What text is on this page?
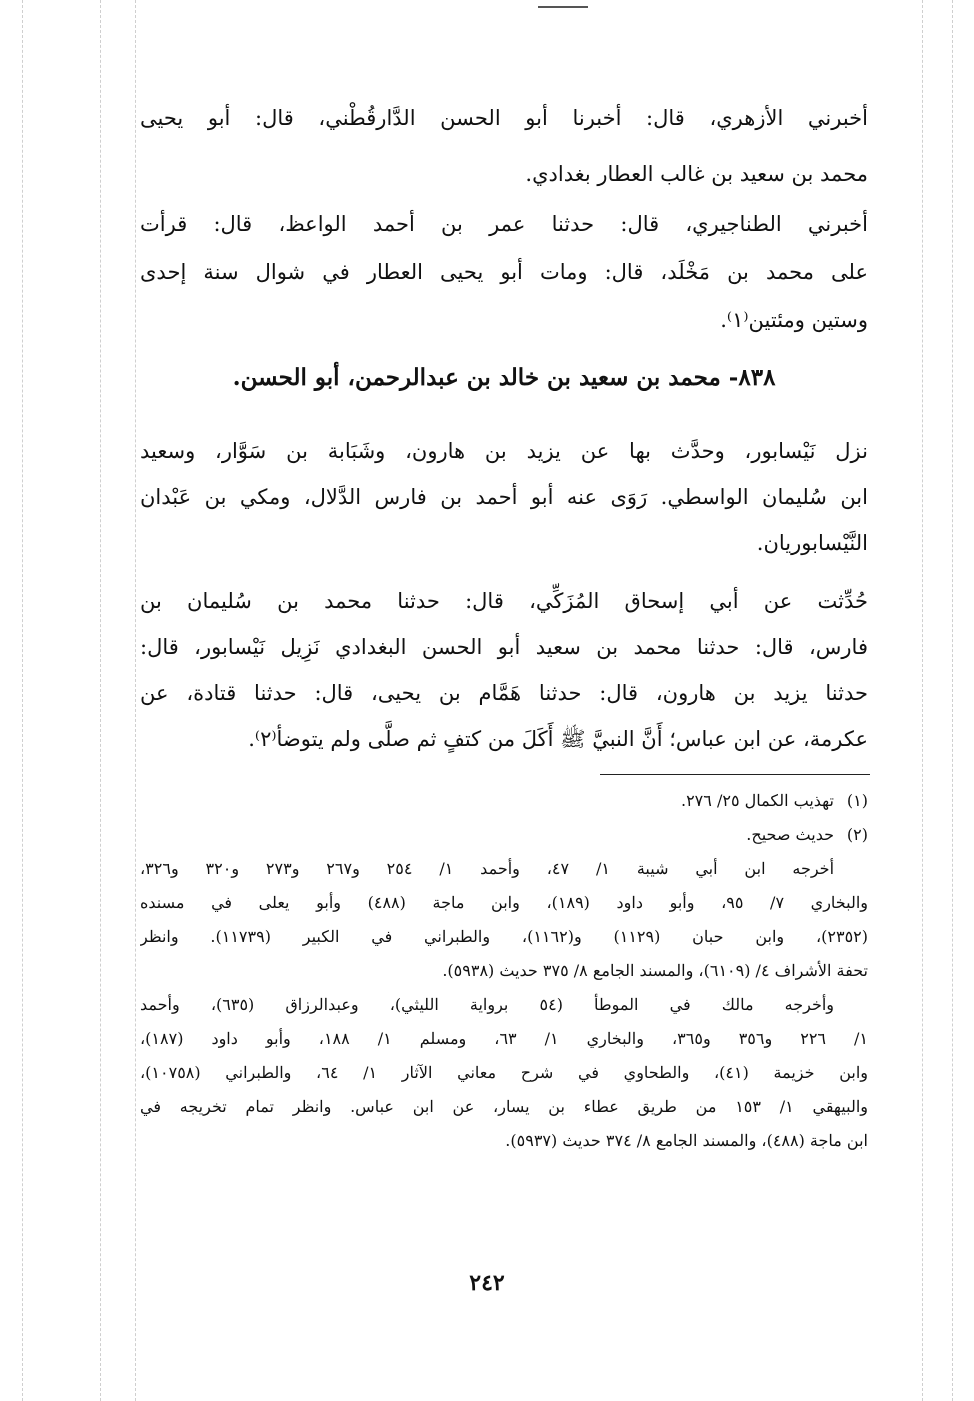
أخبرني الأزهري، قال: أخبرنا أبو الحسن الدَّارقُطْني، قال: أبو يحيى
محمد بن سعيد بن غالب العطار بغدادي.

أخبرني الطناجيري، قال: حدثنا عمر بن أحمد الواعظ، قال: قرأت
على محمد بن مَخْلَد، قال: ومات أبو يحيى العطار في شوال سنة إحدى
وستين ومئتين⁽١⁾.

٨٣٨- محمد بن سعيد بن خالد بن عبدالرحمن، أبو الحسن.

نزل نَيْسابور، وحدَّث بها عن يزيد بن هارون، وشَبَابة بن سَوَّار، وسعيد
ابن سُليمان الواسطي. رَوَى عنه أبو أحمد بن فارس الدَّلال، ومكي بن عَبْدان
النَّيْسابوريان.

حُدِّثت عن أبي إسحاق المُزَكِّي، قال: حدثنا محمد بن سُليمان بن
فارس، قال: حدثنا محمد بن سعيد أبو الحسن البغدادي نَزِيل نَيْسابور، قال:
حدثنا يزيد بن هارون، قال: حدثنا هَمَّام بن يحيى، قال: حدثنا قتادة، عن
عكرمة، عن ابن عباس؛ أَنَّ النبيَّ ﷺ أَكَلَ من كتفٍ ثم صلَّى ولم يتوضأ⁽٢⁾.

(١)تهذيب الكمال ٢٥/ ٢٧٦.
(٢)حديث صحيح.
أخرجه ابن أبي شيبة ١/ ٤٧، وأحمد ١/ ٢٥٤ و٢٦٧ و٢٧٣ و٣٢٠ و٣٢٦،
والبخاري ٧/ ٩٥، وأبو داود (١٨٩)، وابن ماجة (٤٨٨) وأبو يعلى في مسنده
(٢٣٥٢)، وابن حبان (١١٢٩) و(١١٦٢)، والطبراني في الكبير (١١٧٣٩). وانظر
تحفة الأشراف ٤/ (٦١٠٩)، والمسند الجامع ٨/ ٣٧٥ حديث (٥٩٣٨).
وأخرجه مالك في الموطأ (٥٤ برواية الليثي)، وعبدالرزاق (٦٣٥)، وأحمد
١/ ٢٢٦ و٣٥٦ و٣٦٥، والبخاري ١/ ٦٣، ومسلم ١/ ١٨٨، وأبو داود (١٨٧)،
وابن خزيمة (٤١)، والطحاوي في شرح معاني الآثار ١/ ٦٤، والطبراني (١٠٧٥٨)،
والبيهقي ١/ ١٥٣ من طريق عطاء بن يسار، عن ابن عباس. وانظر تمام تخريجه في
ابن ماجة (٤٨٨)، والمسند الجامع ٨/ ٣٧٤ حديث (٥٩٣٧).
٢٤٢
